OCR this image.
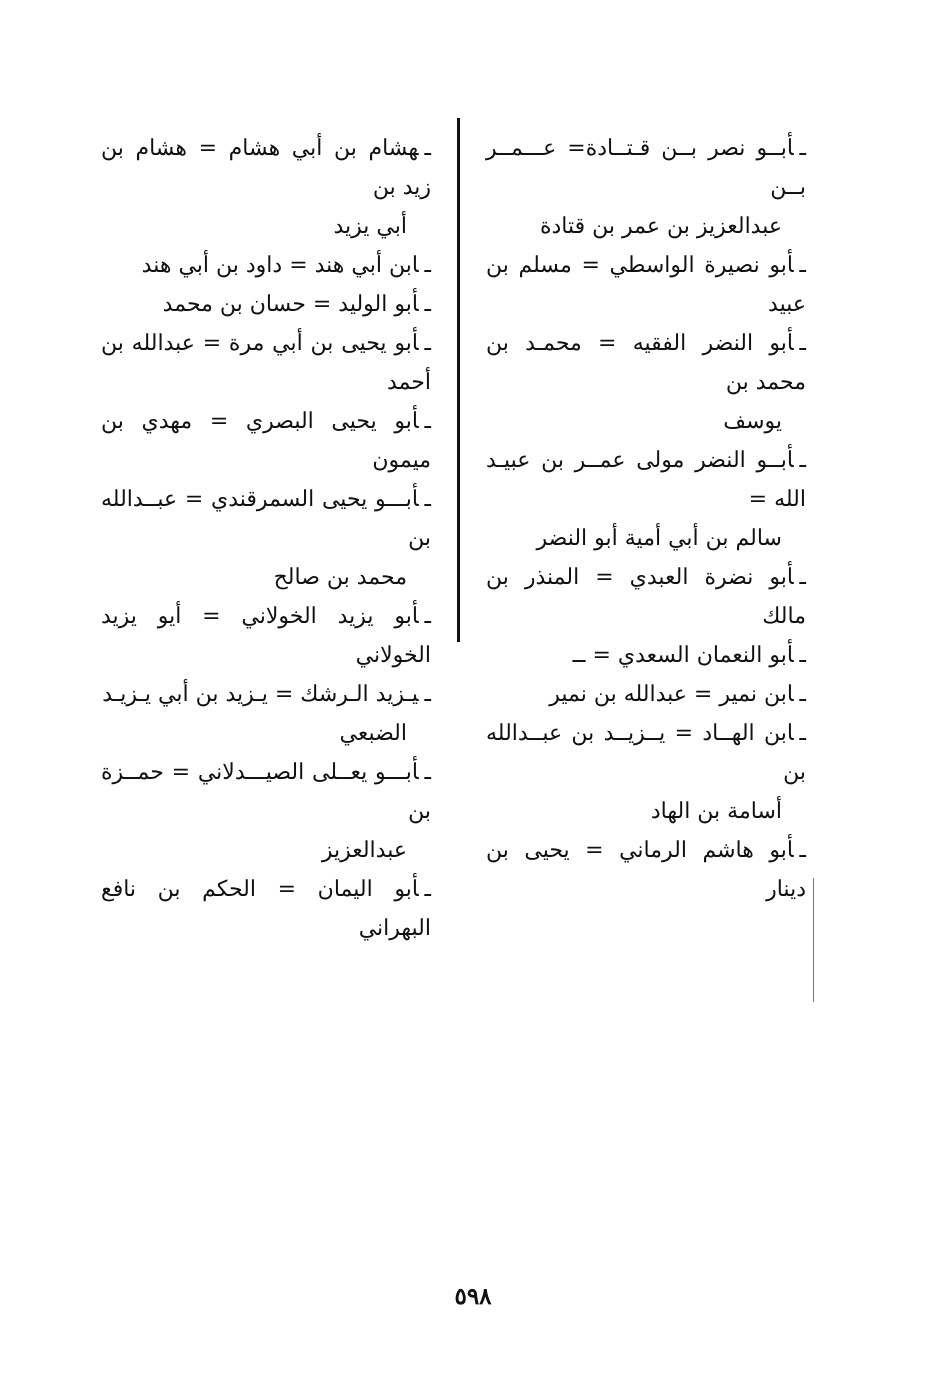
ـأبــو نصر بــن قـتــادة= عـــمــر بــن
عبدالعزيز بن عمر بن قتادة
ـأبو نصيرة الواسطي = مسلم بن عبيد
ـأبو النضر الفقيه = محمـد بن محمد بن
يوسف
ـأبــو النضر مولى عمــر بن عبيـد الله =
سالم بن أبي أمية أبو النضر
ـأبو نضرة العبدي = المنذر بن مالك
ـأبو النعمان السعدي = ــ
ـابن نمير = عبدالله بن نمير
ـابن الهــاد = يــزيــد بن عبــدالله بن
أسامة بن الهاد
ـأبو هاشم الرماني = يحيى بن دينار
ـهشام بن أبي هشام = هشام بن زيد بن
أبي يزيد
ـابن أبي هند = داود بن أبي هند
ـأبو الوليد = حسان بن محمد
ـأبو يحيى بن أبي مرة = عبدالله بن أحمد
ـأبو يحيى البصري = مهدي بن ميمون
ـأبـــو يحيى السمرقندي = عبــدالله بن
محمد بن صالح
ـأبو يزيد الخولاني = أيو يزيد الخولاني
ـيـزيد الـرشك = يـزيد بن أبي يـزيـد
الضبعي
ـأبـــو يعــلى الصيـــدلاني = حمــزة بن
عبدالعزيز
ـأبو اليمان = الحكم بن نافع البهراني
٥٩٨
